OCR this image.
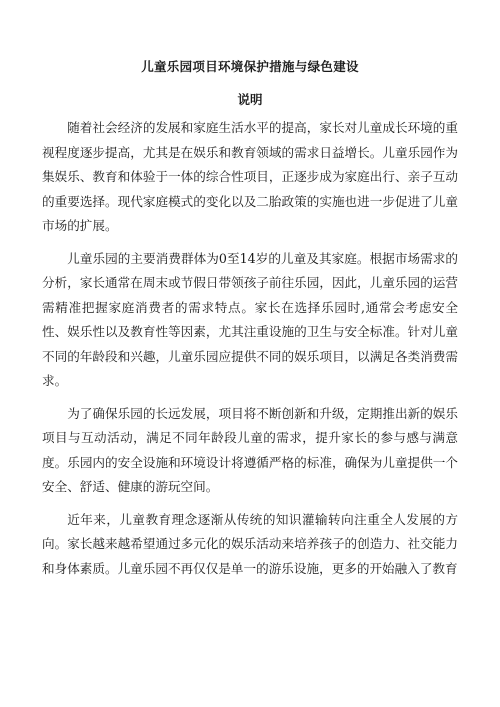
儿童乐园项目环境保护措施与绿色建设
说明

随着社会经济的发展和家庭生活水平的提高，家长对儿童成长环境的重视程度逐步提高，尤其是在娱乐和教育领域的需求日益增长。儿童乐园作为集娱乐、教育和体验于一体的综合性项目，正逐步成为家庭出行、亲子互动的重要选择。现代家庭模式的变化以及二胎政策的实施也进一步促进了儿童市场的扩展。

儿童乐园的主要消费群体为0至14岁的儿童及其家庭。根据市场需求的分析，家长通常在周末或节假日带领孩子前往乐园，因此，儿童乐园的运营需精准把握家庭消费者的需求特点。家长在选择乐园时,通常会考虑安全性、娱乐性以及教育性等因素，尤其注重设施的卫生与安全标准。针对儿童不同的年龄段和兴趣，儿童乐园应提供不同的娱乐项目，以满足各类消费需求。

为了确保乐园的长远发展，项目将不断创新和升级，定期推出新的娱乐项目与互动活动，满足不同年龄段儿童的需求，提升家长的参与感与满意度。乐园内的安全设施和环境设计将遵循严格的标准，确保为儿童提供一个安全、舒适、健康的游玩空间。

近年来，儿童教育理念逐渐从传统的知识灌输转向注重全人发展的方向。家长越来越希望通过多元化的娱乐活动来培养孩子的创造力、社交能力和身体素质。儿童乐园不再仅仅是单一的游乐设施，更多的开始融入了教育
